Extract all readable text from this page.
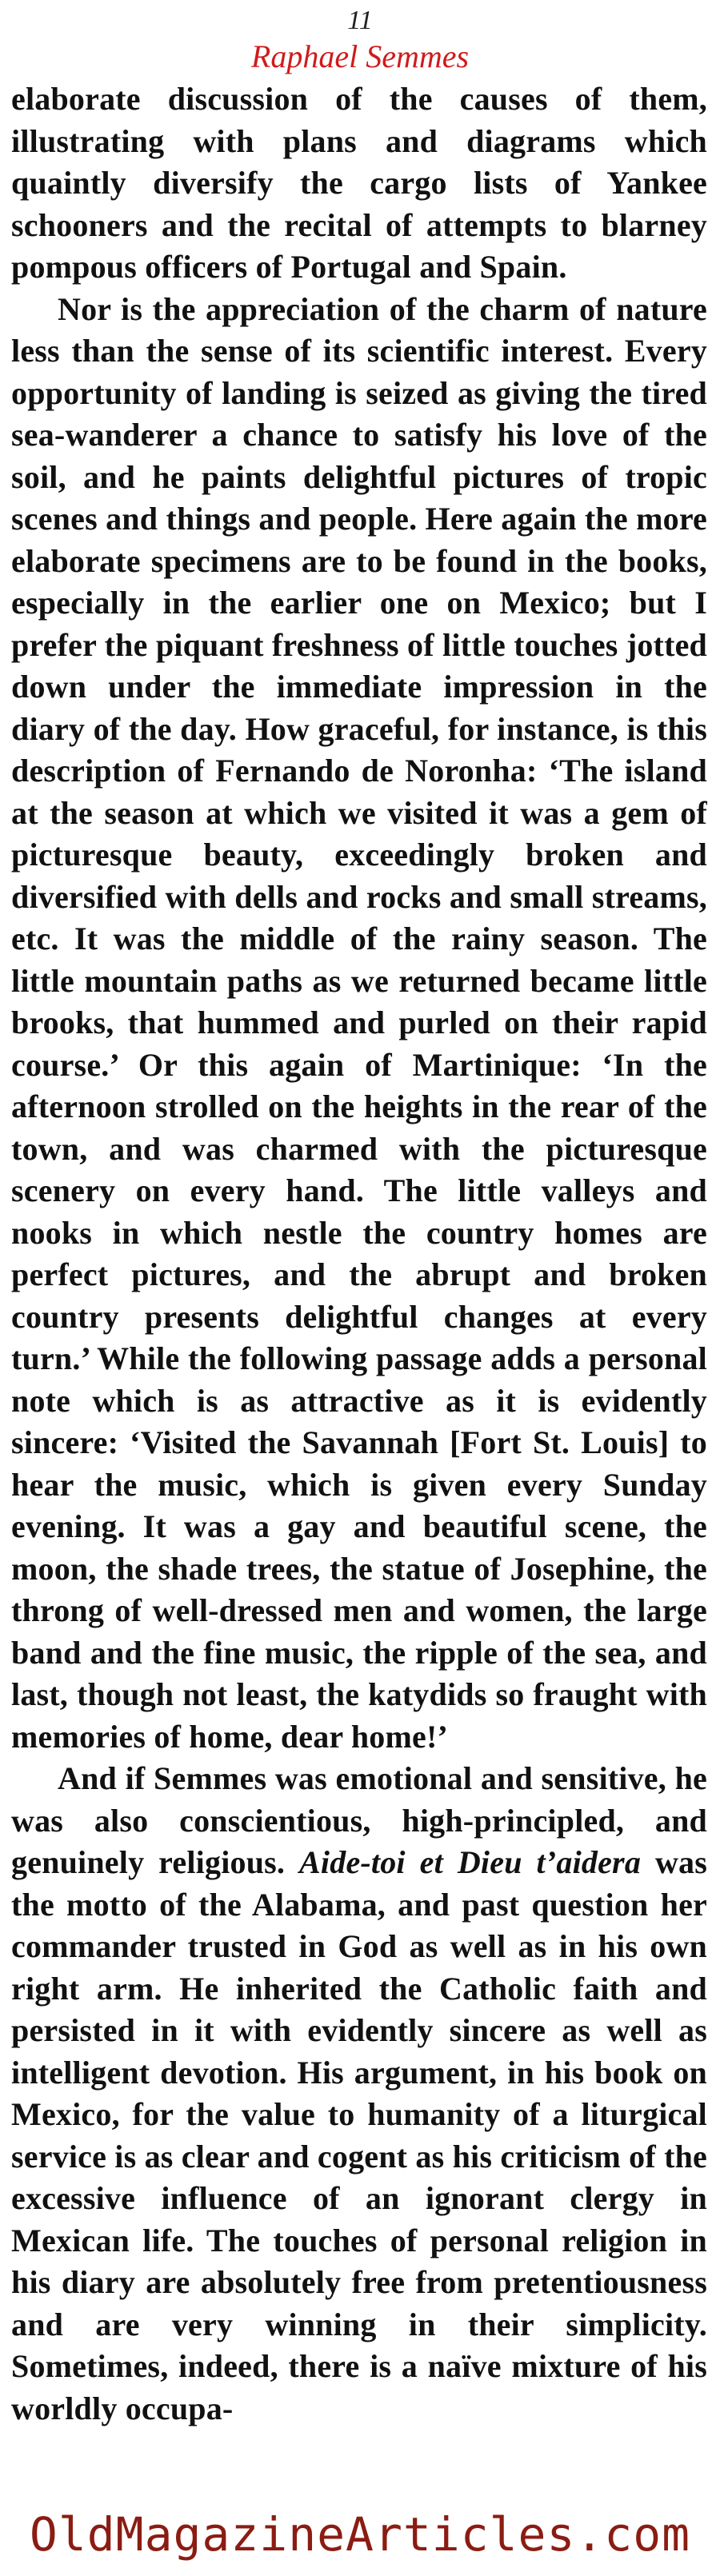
11
Raphael Semmes

elaborate discussion of the causes of them, illustrating with plans and diagrams which quaintly diversify the cargo lists of Yankee schooners and the recital of attempts to blarney pompous officers of Portugal and Spain.

Nor is the appreciation of the charm of nature less than the sense of its scientific interest. Every opportunity of landing is seized as giving the tired sea-wanderer a chance to satisfy his love of the soil, and he paints delightful pictures of tropic scenes and things and people. Here again the more elaborate specimens are to be found in the books, especially in the earlier one on Mexico; but I prefer the piquant freshness of little touches jotted down under the immediate impression in the diary of the day. How graceful, for instance, is this description of Fernando de Noronha: ‘The island at the season at which we visited it was a gem of picturesque beauty, exceedingly broken and diversified with dells and rocks and small streams, etc. It was the middle of the rainy season. The little mountain paths as we returned became little brooks, that hummed and purled on their rapid course.’ Or this again of Martinique: ‘In the afternoon strolled on the heights in the rear of the town, and was charmed with the picturesque scenery on every hand. The little valleys and nooks in which nestle the country homes are perfect pictures, and the abrupt and broken country presents delightful changes at every turn.’ While the following passage adds a personal note which is as attractive as it is evidently sincere: ‘Visited the Savannah [Fort St. Louis] to hear the music, which is given every Sunday evening. It was a gay and beautiful scene, the moon, the shade trees, the statue of Josephine, the throng of well-dressed men and women, the large band and the fine music, the ripple of the sea, and last, though not least, the katydids so fraught with memories of home, dear home!’

And if Semmes was emotional and sensitive, he was also conscientious, high-principled, and genuinely religious. Aide-toi et Dieu t’aidera was the motto of the Alabama, and past question her commander trusted in God as well as in his own right arm. He inherited the Catholic faith and persisted in it with evidently sincere as well as intelligent devotion. His argument, in his book on Mexico, for the value to humanity of a liturgical service is as clear and cogent as his criticism of the excessive influence of an ignorant clergy in Mexican life. The touches of personal religion in his diary are absolutely free from pretentiousness and are very winning in their simplicity. Sometimes, indeed, there is a naïve mixture of his worldly occupa-

OldMagazineArticles.com
